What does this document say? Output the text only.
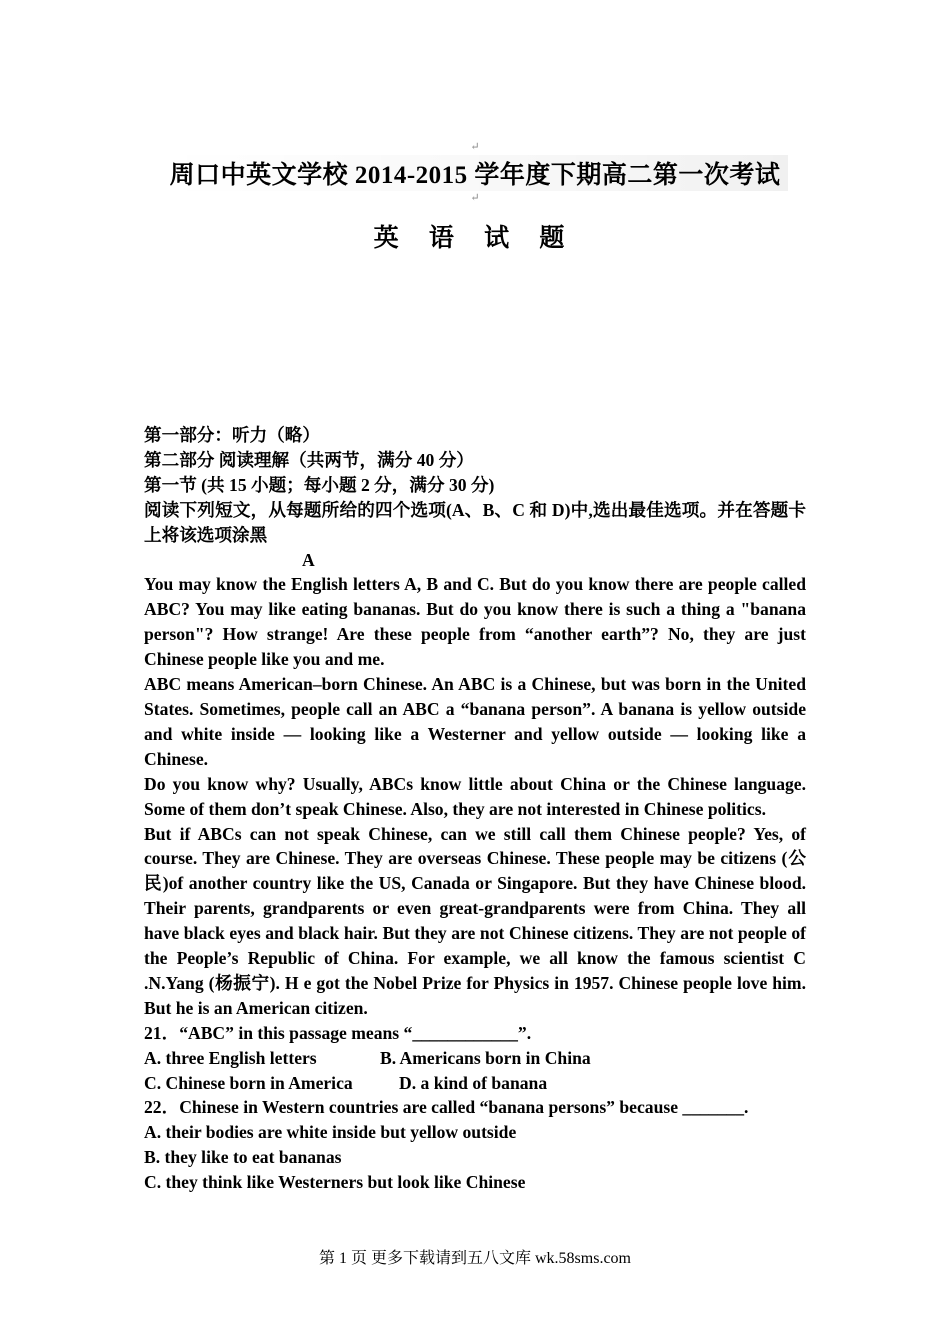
↵
周口中英文学校 2014-2015 学年度下期高二第一次考试
↵
英 语 试 题

第一部分：听力（略）

第二部分 阅读理解（共两节，满分 40 分）

第一节 (共 15 小题；每小题 2 分，满分 30 分)

阅读下列短文，从每题所给的四个选项(A、B、C 和 D)中,选出最佳选项。并在答题卡上将该选项涂黑

A

You may know the English letters A, B and C. But do you know there are people called ABC? You may like eating bananas. But do you know there is such a thing a "banana person"? How strange! Are these people from “another earth”? No, they are just Chinese people like you and me.

ABC means American–born Chinese. An ABC is a Chinese, but was born in the United States. Sometimes, people call an ABC a “banana person”. A banana is yellow outside and white inside — looking like a Westerner and yellow outside — looking like a Chinese.

Do you know why? Usually, ABCs know little about China or the Chinese language. Some of them don’t speak Chinese. Also, they are not interested in Chinese politics.

But if ABCs can not speak Chinese, can we still call them Chinese people? Yes, of course. They are Chinese. They are overseas Chinese. These people may be citizens (公民)of another country like the US, Canada or Singapore. But they have Chinese blood. Their parents, grandparents or even great-grandparents were from China. They all have black eyes and black hair. But they are not Chinese citizens. They are not people of the People’s Republic of China. For example, we all know the famous scientist C .N.Yang (杨振宁). H e got the Nobel Prize for Physics in 1957. Chinese people love him. But he is an American citizen.

21．“ABC” in this passage means “____________”.

A. three English letters	B. Americans born in China
C. Chinese born in America	D. a kind of banana

22．Chinese in Western countries are called “banana persons” because _______.

A. their bodies are white inside but yellow outside

B. they like to eat bananas

C. they think like Westerners but look like Chinese

第 1 页 更多下载请到五八文库 wk.58sms.com
